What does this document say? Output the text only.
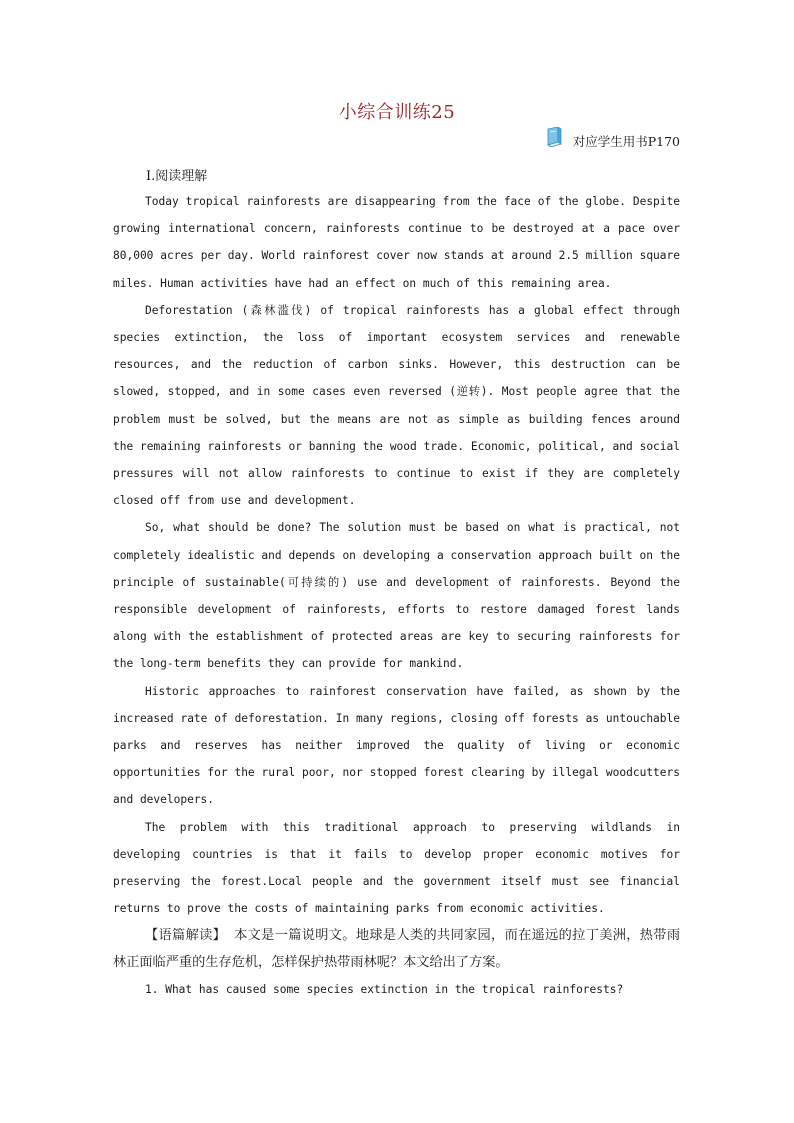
小综合训练25
对应学生用书P170
Ⅰ.阅读理解

Today tropical rainforests are disappearing from the face of the globe. Despite growing international concern, rainforests continue to be destroyed at a pace over 80,000 acres per day. World rainforest cover now stands at around 2.5 million square miles. Human activities have had an effect on much of this remaining area.

Deforestation (森林滥伐) of tropical rainforests has a global effect through species extinction, the loss of important ecosystem services and renewable resources, and the reduction of carbon sinks. However, this destruction can be slowed, stopped, and in some cases even reversed (逆转). Most people agree that the problem must be solved, but the means are not as simple as building fences around the remaining rainforests or banning the wood trade. Economic, political, and social pressures will not allow rainforests to continue to exist if they are completely closed off from use and development.

So, what should be done? The solution must be based on what is practical, not completely idealistic and depends on developing a conservation approach built on the principle of sustainable(可持续的) use and development of rainforests. Beyond the responsible development of rainforests, efforts to restore damaged forest lands along with the establishment of protected areas are key to securing rainforests for the long-term benefits they can provide for mankind.

Historic approaches to rainforest conservation have failed, as shown by the increased rate of deforestation. In many regions, closing off forests as untouchable parks and reserves has neither improved the quality of living or economic opportunities for the rural poor, nor stopped forest clearing by illegal woodcutters and developers.

The problem with this traditional approach to preserving wildlands in developing countries is that it fails to develop proper economic motives for preserving the forest.Local people and the government itself must see financial returns to prove the costs of maintaining parks from economic activities.

【语篇解读】 本文是一篇说明文。地球是人类的共同家园，而在遥远的拉丁美洲，热带雨林正面临严重的生存危机，怎样保护热带雨林呢？本文给出了方案。

1. What has caused some species extinction in the tropical rainforests?
